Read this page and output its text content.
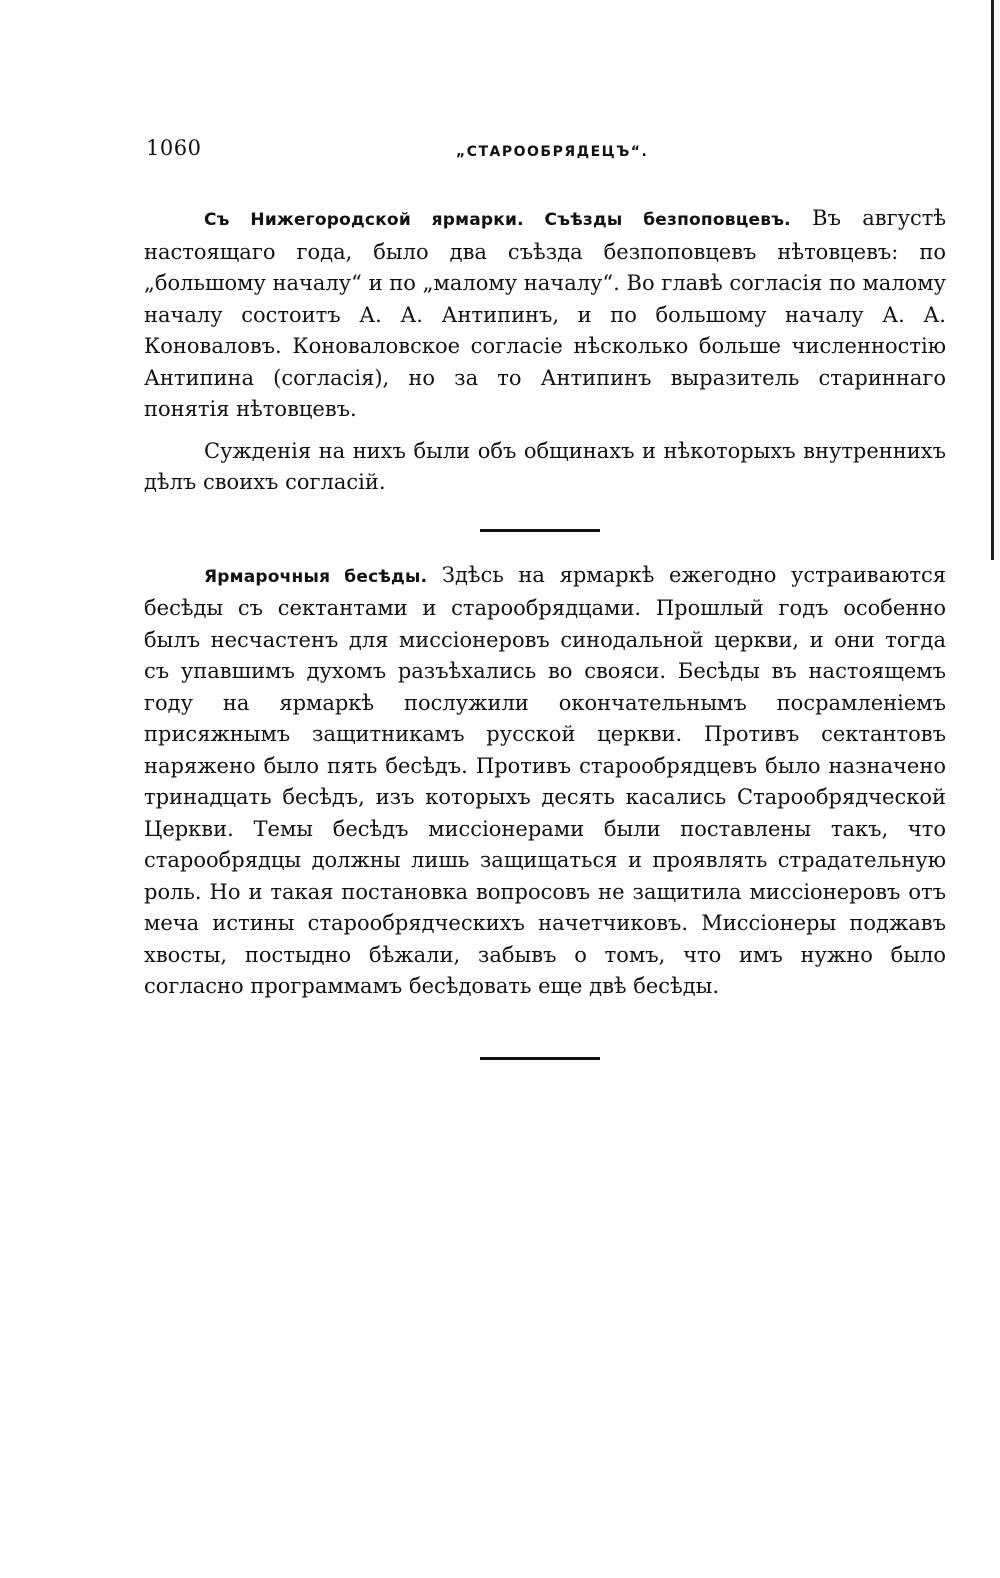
1060	„СТАРООБРЯДЕЦЪ“.

Съ Нижегородской ярмарки. Съѣзды безпоповцевъ. Въ августѣ настоящаго года, было два съѣзда безпоповцевъ нѣтовцевъ: по „большому началу“ и по „малому началу“. Во главѣ согласія по малому началу состоитъ А. А. Антипинъ, и по большому началу А. А. Коноваловъ. Коноваловское согласіе нѣсколько больше численностію Антипина (согласія), но за то Антипинъ выразитель стариннаго понятія нѣтовцевъ.

Сужденія на нихъ были объ общинахъ и нѣкоторыхъ внутреннихъ дѣлъ своихъ согласій.

Ярмарочныя бесѣды. Здѣсь на ярмаркѣ ежегодно устраиваются бесѣды съ сектантами и старообрядцами. Прошлый годъ особенно былъ несчастенъ для миссіонеровъ синодальной церкви, и они тогда съ упавшимъ духомъ разъѣхались во свояси. Бесѣды въ настоящемъ году на ярмаркѣ послужили окончательнымъ посрамленіемъ присяжнымъ защитникамъ русской церкви. Противъ сектантовъ наряжено было пять бесѣдъ. Противъ старообрядцевъ было назначено тринадцать бесѣдъ, изъ которыхъ десять касались Старообрядческой Церкви. Темы бесѣдъ миссіонерами были поставлены такъ, что старообрядцы должны лишь защищаться и проявлять страдательную роль. Но и такая постановка вопросовъ не защитила миссіонеровъ отъ меча истины старообрядческихъ начетчиковъ. Миссіонеры поджавъ хвосты, постыдно бѣжали, забывъ о томъ, что имъ нужно было согласно программамъ бесѣдовать еще двѣ бесѣды.
